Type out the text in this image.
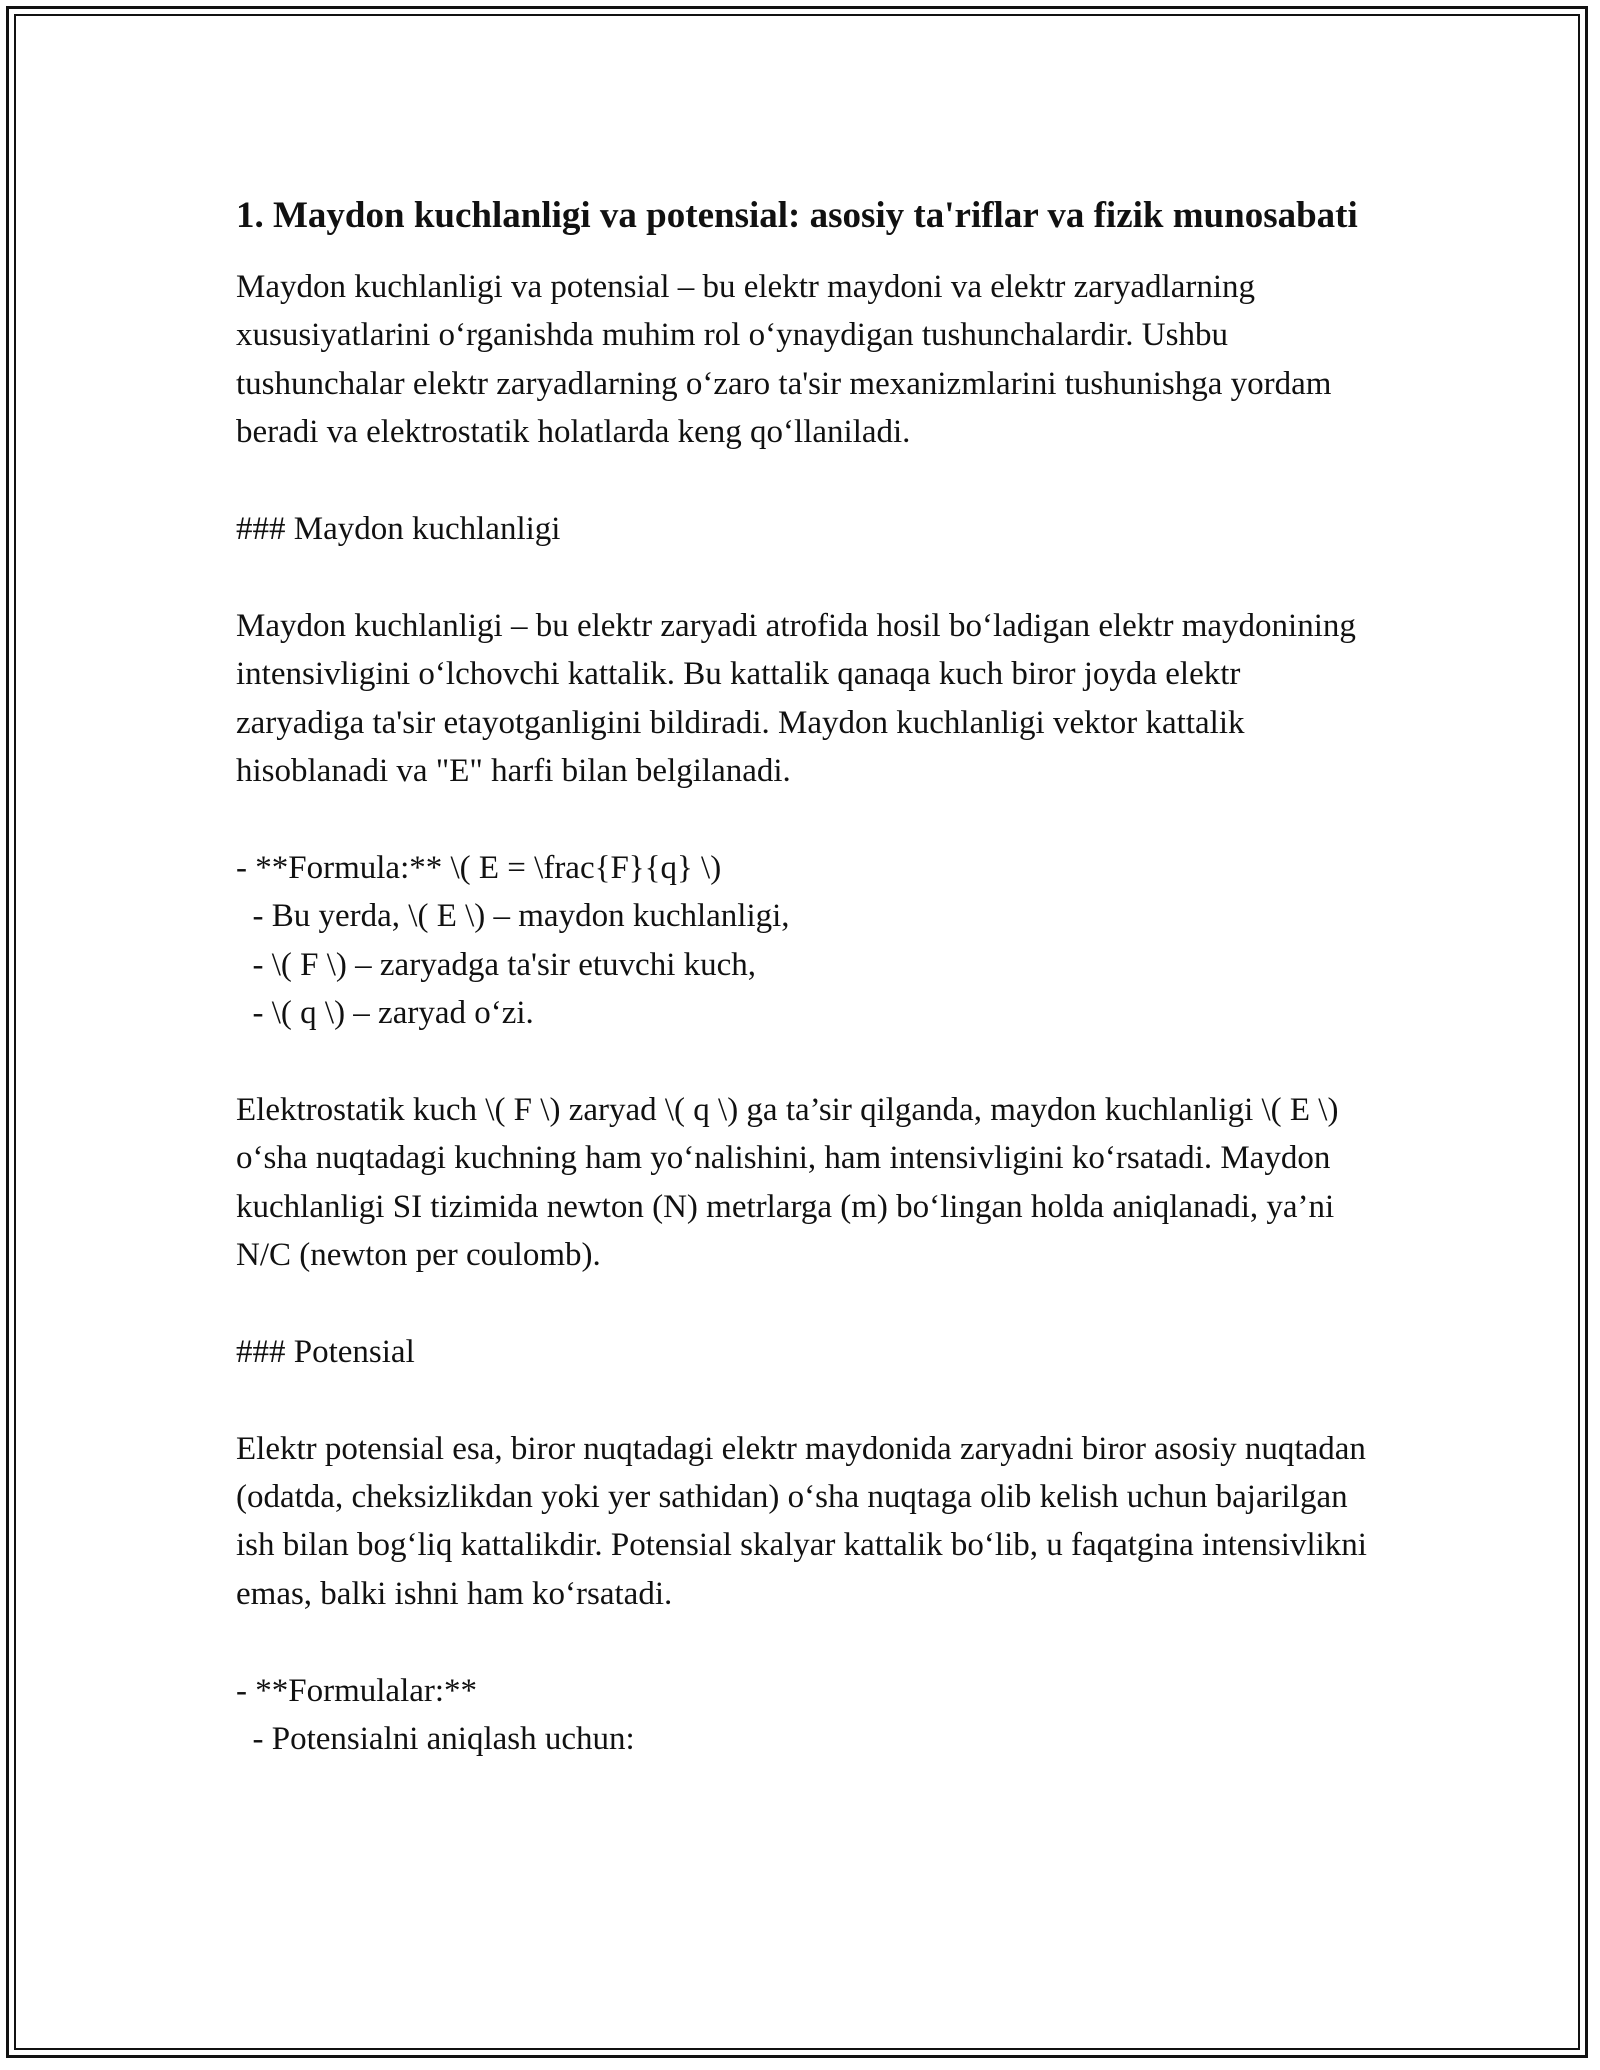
1. Maydon kuchlanligi va potensial: asosiy ta'riflar va fizik munosabati

Maydon kuchlanligi va potensial – bu elektr maydoni va elektr zaryadlarning xususiyatlarini o‘rganishda muhim rol o‘ynaydigan tushunchalardir. Ushbu tushunchalar elektr zaryadlarning o‘zaro ta'sir mexanizmlarini tushunishga yordam beradi va elektrostatik holatlarda keng qo‘llaniladi.

### Maydon kuchlanligi

Maydon kuchlanligi – bu elektr zaryadi atrofida hosil bo‘ladigan elektr maydonining intensivligini o‘lchovchi kattalik. Bu kattalik qanaqa kuch biror joyda elektr zaryadiga ta'sir etayotganligini bildiradi. Maydon kuchlanligi vektor kattalik hisoblanadi va "E" harfi bilan belgilanadi.

- **Formula:** \( E = \frac{F}{q} \)
- Bu yerda, \( E \) – maydon kuchlanligi,
- \( F \) – zaryadga ta'sir etuvchi kuch,
- \( q \) – zaryad o‘zi.

Elektrostatik kuch \( F \) zaryad \( q \) ga ta’sir qilganda, maydon kuchlanligi \( E \) o‘sha nuqtadagi kuchning ham yo‘nalishini, ham intensivligini ko‘rsatadi. Maydon kuchlanligi SI tizimida newton (N) metrlarga (m) bo‘lingan holda aniqlanadi, ya’ni N/C (newton per coulomb).

### Potensial

Elektr potensial esa, biror nuqtadagi elektr maydonida zaryadni biror asosiy nuqtadan (odatda, cheksizlikdan yoki yer sathidan) o‘sha nuqtaga olib kelish uchun bajarilgan ish bilan bog‘liq kattalikdir. Potensial skalyar kattalik bo‘lib, u faqatgina intensivlikni emas, balki ishni ham ko‘rsatadi.

- **Formulalar:**
- Potensialni aniqlash uchun:
